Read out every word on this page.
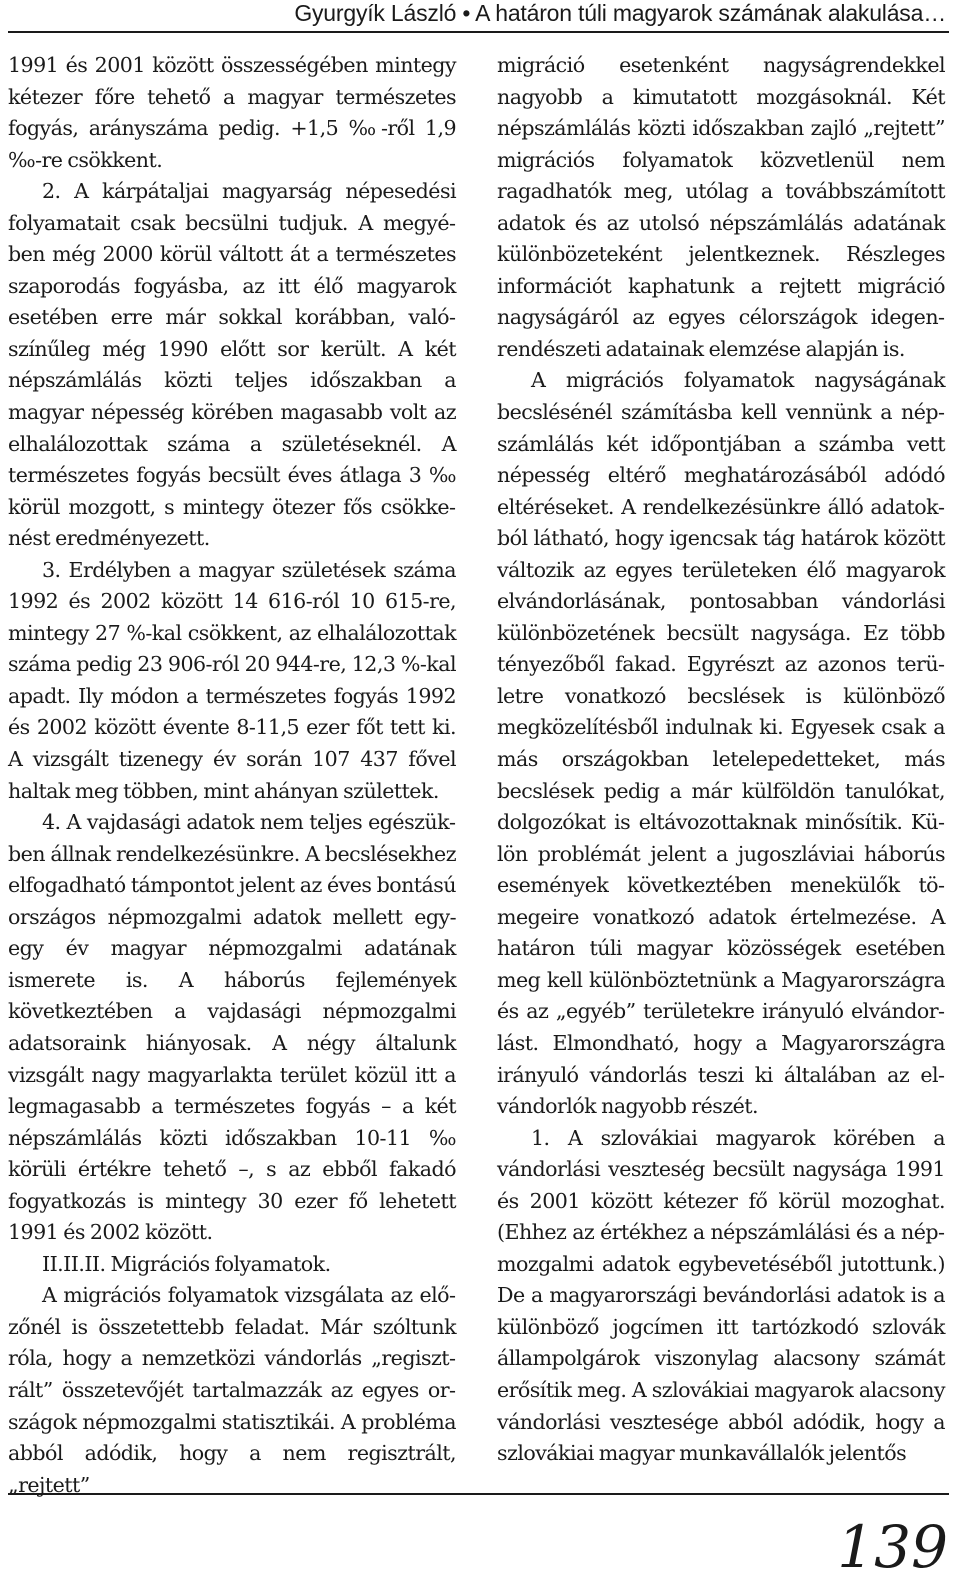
Gyurgyík László • A határon túli magyarok számának alakulása…

1991 és 2001 között összességében mintegy kétezer főre tehető a magyar természetes fogyás, arányszáma pedig. +1,5 ‰-ről 1,9 ‰-re csökkent.

2. A kárpátaljai magyarság népesedési folyamatait csak becsülni tudjuk. A megyében még 2000 körül váltott át a természetes szaporodás fogyásba, az itt élő magyarok esetében erre már sokkal korábban, valószínűleg még 1990 előtt sor került. A két népszámlálás közti teljes időszakban a magyar népesség körében magasabb volt az elhalálozottak száma a születéseknél. A természetes fogyás becsült éves átlaga 3 ‰ körül mozgott, s mintegy ötezer fős csökkenést eredményezett.

3. Erdélyben a magyar születések száma 1992 és 2002 között 14 616-ról 10 615-re, mintegy 27 %-kal csökkent, az elhalálozottak száma pedig 23 906-ról 20 944-re, 12,3 %-kal apadt. Ily módon a természetes fogyás 1992 és 2002 között évente 8-11,5 ezer főt tett ki. A vizsgált tizenegy év során 107 437 fővel haltak meg többen, mint ahányan születtek.

4. A vajdasági adatok nem teljes egészükben állnak rendelkezésünkre. A becslésekhez elfogadható támpontot jelent az éves bontású országos népmozgalmi adatok mellett egy-egy év magyar népmozgalmi adatának ismerete is. A háborús fejlemények következtében a vajdasági népmozgalmi adatsoraink hiányosak. A négy általunk vizsgált nagy magyarlakta terület közül itt a legmagasabb a természetes fogyás – a két népszámlálás közti időszakban 10-11 ‰ körüli értékre tehető –, s az ebből fakadó fogyatkozás is mintegy 30 ezer fő lehetett 1991 és 2002 között.

II.II.II. Migrációs folyamatok.

A migrációs folyamatok vizsgálata az előzőnél is összetettebb feladat. Már szóltunk róla, hogy a nemzetközi vándorlás „regisztrált” összetevőjét tartalmazzák az egyes országok népmozgalmi statisztikái. A probléma abból adódik, hogy a nem regisztrált, „rejtett”

migráció esetenként nagyságrendekkel nagyobb a kimutatott mozgásoknál. Két népszámlálás közti időszakban zajló „rejtett” migrációs folyamatok közvetlenül nem ragadhatók meg, utólag a továbbszámított adatok és az utolsó népszámlálás adatának különbözeteként jelentkeznek. Részleges információt kaphatunk a rejtett migráció nagyságáról az egyes célországok idegenrendészeti adatainak elemzése alapján is.

A migrációs folyamatok nagyságának becslésénél számításba kell vennünk a népszámlálás két időpontjában a számba vett népesség eltérő meghatározásából adódó eltéréseket. A rendelkezésünkre álló adatokból látható, hogy igencsak tág határok között változik az egyes területeken élő magyarok elvándorlásának, pontosabban vándorlási különbözetének becsült nagysága. Ez több tényezőből fakad. Egyrészt az azonos területre vonatkozó becslések is különböző megközelítésből indulnak ki. Egyesek csak a más országokban letelepedetteket, más becslések pedig a már külföldön tanulókat, dolgozókat is eltávozottaknak minősítik. Külön problémát jelent a jugoszláviai háborús események következtében menekülők tömegeire vonatkozó adatok értelmezése. A határon túli magyar közösségek esetében meg kell különböztetnünk a Magyarországra és az „egyéb” területekre irányuló elvándorlást. Elmondható, hogy a Magyarországra irányuló vándorlás teszi ki általában az elvándorlók nagyobb részét.

1. A szlovákiai magyarok körében a vándorlási veszteség becsült nagysága 1991 és 2001 között kétezer fő körül mozoghat. (Ehhez az értékhez a népszámlálási és a népmozgalmi adatok egybevetéséből jutottunk.) De a magyarországi bevándorlási adatok is a különböző jogcímen itt tartózkodó szlovák állampolgárok viszonylag alacsony számát erősítik meg. A szlovákiai magyarok alacsony vándorlási vesztesége abból adódik, hogy a szlovákiai magyar munkavállalók jelentős

139
